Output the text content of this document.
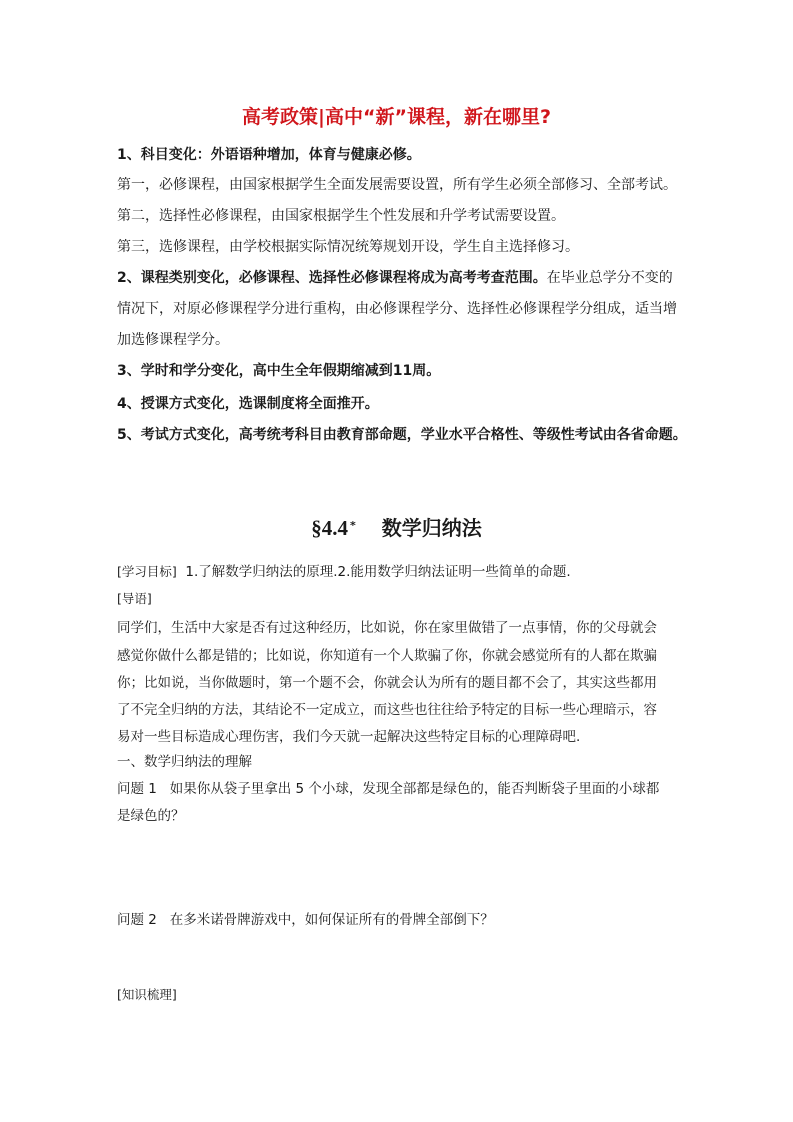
高考政策|高中“新”课程，新在哪里?
1、科目变化：外语语种增加，体育与健康必修。
第一，必修课程，由国家根据学生全面发展需要设置，所有学生必须全部修习、全部考试。
第二，选择性必修课程，由国家根据学生个性发展和升学考试需要设置。
第三，选修课程，由学校根据实际情况统筹规划开设，学生自主选择修习。
2、课程类别变化，必修课程、选择性必修课程将成为高考考查范围。在毕业总学分不变的
情况下，对原必修课程学分进行重构，由必修课程学分、选择性必修课程学分组成，适当增
加选修课程学分。
3、学时和学分变化，高中生全年假期缩减到11周。
4、授课方式变化，选课制度将全面推开。
5、考试方式变化，高考统考科目由教育部命题，学业水平合格性、等级性考试由各省命题。
§4.4 * 数学归纳法
[学习目标] 1.了解数学归纳法的原理.2.能用数学归纳法证明一些简单的命题.
[导语]
同学们，生活中大家是否有过这种经历，比如说，你在家里做错了一点事情，你的父母就会
感觉你做什么都是错的；比如说，你知道有一个人欺骗了你，你就会感觉所有的人都在欺骗
你；比如说，当你做题时，第一个题不会，你就会认为所有的题目都不会了，其实这些都用
了不完全归纳的方法，其结论不一定成立，而这些也往往给予特定的目标一些心理暗示，容
易对一些目标造成心理伤害，我们今天就一起解决这些特定目标的心理障碍吧.
一、数学归纳法的理解
问题 1 如果你从袋子里拿出 5 个小球，发现全部都是绿色的，能否判断袋子里面的小球都
是绿色的？
问题 2 在多米诺骨牌游戏中，如何保证所有的骨牌全部倒下？
[知识梳理]
